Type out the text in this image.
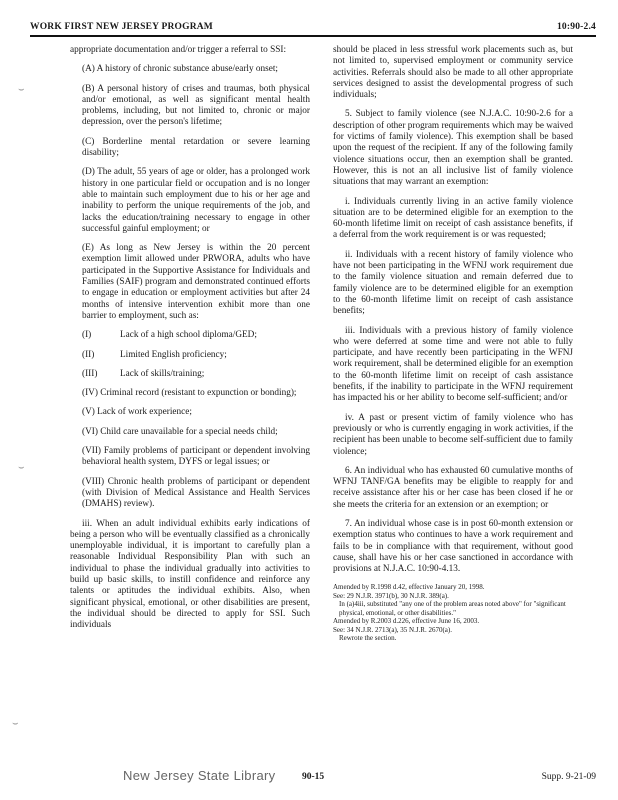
WORK FIRST NEW JERSEY PROGRAM	10:90-2.4
⌣
⌣
⌣

appropriate documentation and/or trigger a referral to SSI:

(A) A history of chronic substance abuse/early onset;

(B) A personal history of crises and traumas, both physical and/or emotional, as well as significant mental health problems, including, but not limited to, chronic or major depression, over the person's lifetime;

(C) Borderline mental retardation or severe learning disability;

(D) The adult, 55 years of age or older, has a prolonged work history in one particular field or occupation and is no longer able to maintain such employment due to his or her age and inability to perform the unique requirements of the job, and lacks the education/training necessary to engage in other successful gainful employment; or

(E) As long as New Jersey is within the 20 percent exemption limit allowed under PRWORA, adults who have participated in the Supportive Assistance for Individuals and Families (SAIF) program and demonstrated continued efforts to engage in education or employment activities but after 24 months of intensive intervention exhibit more than one barrier to employment, such as:

(I)	Lack of a high school diploma/GED;
(II)	Limited English proficiency;
(III)	Lack of skills/training;

(IV) Criminal record (resistant to expunction or bonding);

(V) Lack of work experience;

(VI) Child care unavailable for a special needs child;

(VII) Family problems of participant or dependent involving behavioral health system, DYFS or legal issues; or

(VIII) Chronic health problems of participant or dependent (with Division of Medical Assistance and Health Services (DMAHS) review).

iii. When an adult individual exhibits early indications of being a person who will be eventually classified as a chronically unemployable individual, it is important to carefully plan a reasonable Individual Responsibility Plan with such an individual to phase the individual gradually into activities to build up basic skills, to instill confidence and reinforce any talents or aptitudes the individual exhibits. Also, when significant physical, emotional, or other disabilities are present, the individual should be directed to apply for SSI. Such individuals

should be placed in less stressful work placements such as, but not limited to, supervised employment or community service activities. Referrals should also be made to all other appropriate services designed to assist the developmental progress of such individuals;

5. Subject to family violence (see N.J.A.C. 10:90-2.6 for a description of other program requirements which may be waived for victims of family violence). This exemption shall be based upon the request of the recipient. If any of the following family violence situations occur, then an exemption shall be granted. However, this is not an all inclusive list of family violence situations that may warrant an exemption:

i. Individuals currently living in an active family violence situation are to be determined eligible for an exemption to the 60-month lifetime limit on receipt of cash assistance benefits, if a deferral from the work requirement is or was requested;

ii. Individuals with a recent history of family violence who have not been participating in the WFNJ work requirement due to the family violence situation and remain deferred due to family violence are to be determined eligible for an exemption to the 60-month lifetime limit on receipt of cash assistance benefits;

iii. Individuals with a previous history of family violence who were deferred at some time and were not able to fully participate, and have recently been participating in the WFNJ work requirement, shall be determined eligible for an exemption to the 60-month lifetime limit on receipt of cash assistance benefits, if the inability to participate in the WFNJ requirement has impacted his or her ability to become self-sufficient; and/or

iv. A past or present victim of family violence who has previously or who is currently engaging in work activities, if the recipient has been unable to become self-sufficient due to family violence;

6. An individual who has exhausted 60 cumulative months of WFNJ TANF/GA benefits may be eligible to reapply for and receive assistance after his or her case has been closed if he or she meets the criteria for an extension or an exemption; or

7. An individual whose case is in post 60-month extension or exemption status who continues to have a work requirement and fails to be in compliance with that requirement, without good cause, shall have his or her case sanctioned in accordance with provisions at N.J.A.C. 10:90-4.13.

Amended by R.1998 d.42, effective January 20, 1998.
See: 29 N.J.R. 3971(b), 30 N.J.R. 389(a).
In (a)4iii, substituted "any one of the problem areas noted above" for "significant physical, emotional, or other disabilities."
Amended by R.2003 d.226, effective June 16, 2003.
See: 34 N.J.R. 2713(a), 35 N.J.R. 2670(a).
Rewrote the section.
New Jersey State Library	90-15	Supp. 9-21-09
